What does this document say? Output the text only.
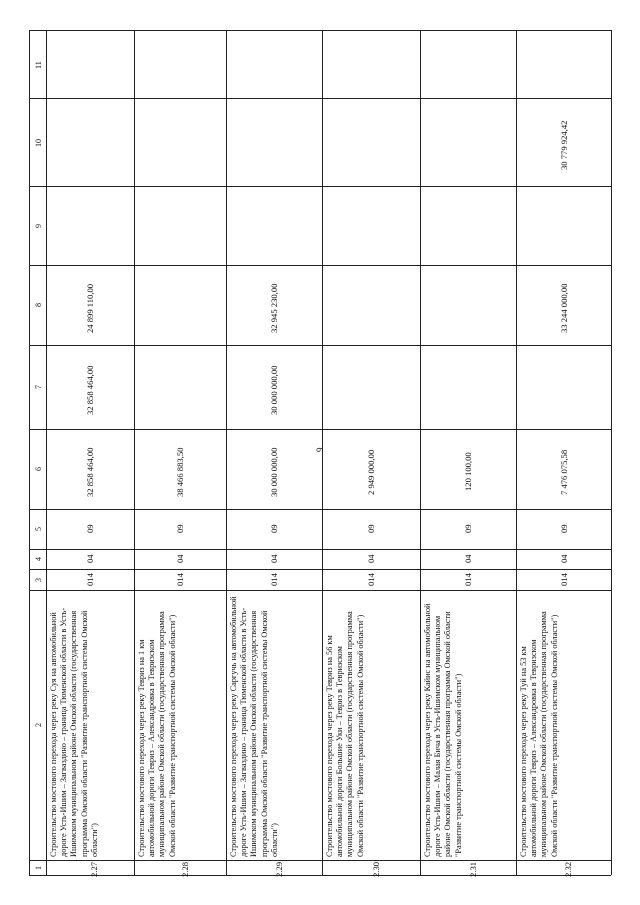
1
2
3
4
5
6
7
8
9
10
11
2.27
Строительство мостового перехода через реку Суя на автомобильной дороге Усть-Ишим – Загваздино – граница Тюменской области в Усть-Ишимском муниципальном районе Омской области (государственная программа Омской области "Развитие транспортной системы Омской области")
014
04
09
32 858 464,00
32 858 464,00
24 899 110,00
2.28
Строительство мостового перехода через реку Тевриз на 1 км автомобильной дороги Тевриз – Александровка в Тевризском муниципальном районе Омской области (государственная программа Омской области "Развитие транспортной системы Омской области")
014
04
09
38 466 883,50
2.29
Строительство мостового перехода через реку Саргучь на автомобильной дороге Усть-Ишим – Загваздино – граница Тюменской области в Усть-Ишимском муниципальном районе Омской области (государственная программа Омской области "Развитие транспортной системы Омской области")
014
04
09
30 000 000,00
30 000 000,00
32 945 230,00
2.30
Строительство мостового перехода через реку Тевриз на 56 км автомобильной дороги Большие Уки – Тевриз в Тевризском муниципальном районе Омской области (государственная программа Омской области "Развитие транспортной системы Омской области")
014
04
09
2 949 000,00
2.31
Строительство мостового перехода через реку Кайис на автомобильной дороге Усть-Ишим – Малая Бича в Усть-Ишимском муниципальном районе Омской области (государственная программа Омской области "Развитие транспортной системы Омской области")
014
04
09
120 100,00
2.32
Строительство мостового перехода через реку Туй на 53 км автомобильной дороги Тевриз – Александровка в Тевризском муниципальном районе Омской области (государственная программа Омской области "Развитие транспортной системы Омской области")
014
04
09
7 476 075,58
33 244 000,00
30 779 924,42
9
